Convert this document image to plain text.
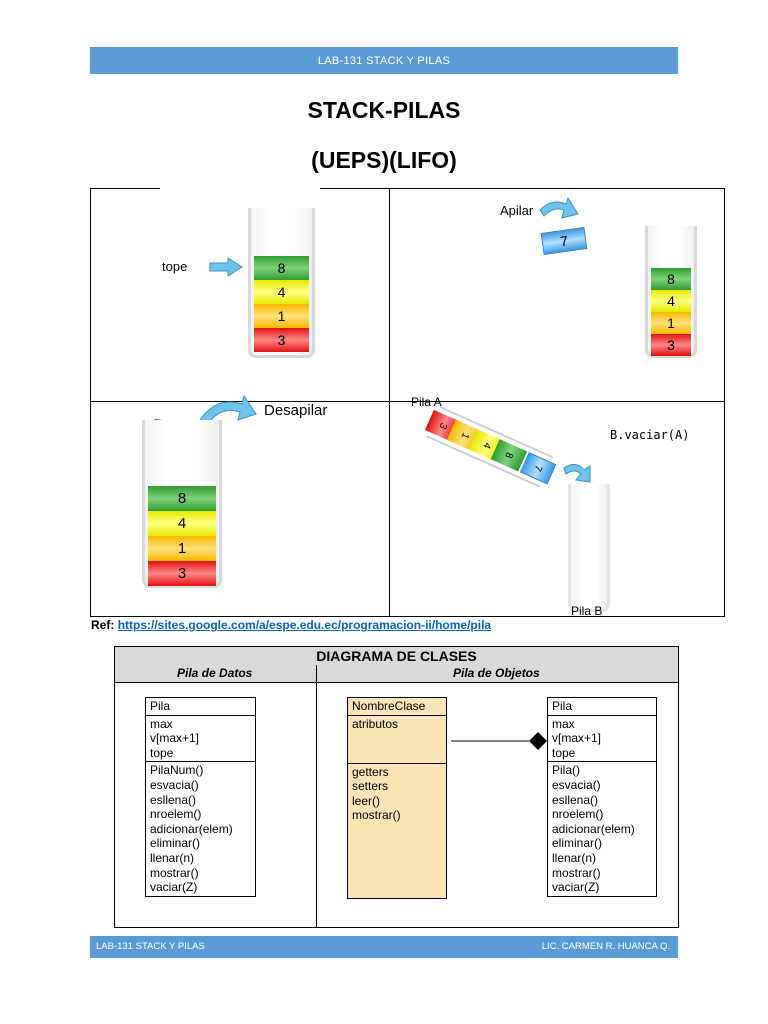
LAB-131 STACK Y PILAS
STACK-PILAS
(UEPS)(LIFO)
tope	8
4
1
3
Apilar
7
8
4
1
3
Desapilar
8
4
1
3
Pila A
3
1
4
8
7
B.vaciar(A)
Pila B
Ref: https://sites.google.com/a/espe.edu.ec/programacion-ii/home/pila
DIAGRAMA DE CLASES
Pila de Datos	Pila de Objetos
Pila
max
v[max+1]
tope
PilaNum()
esvacia()
esllena()
nroelem()
adicionar(elem)
eliminar()
llenar(n)
mostrar()
vaciar(Z)
NombreClase
atributos
getters
setters
leer()
mostrar()
Pila
max
v[max+1]
tope
Pila()
esvacia()
esllena()
nroelem()
adicionar(elem)
eliminar()
llenar(n)
mostrar()
vaciar(Z)
LAB-131 STACK Y PILAS	LIC. CARMEN R. HUANCA Q.
